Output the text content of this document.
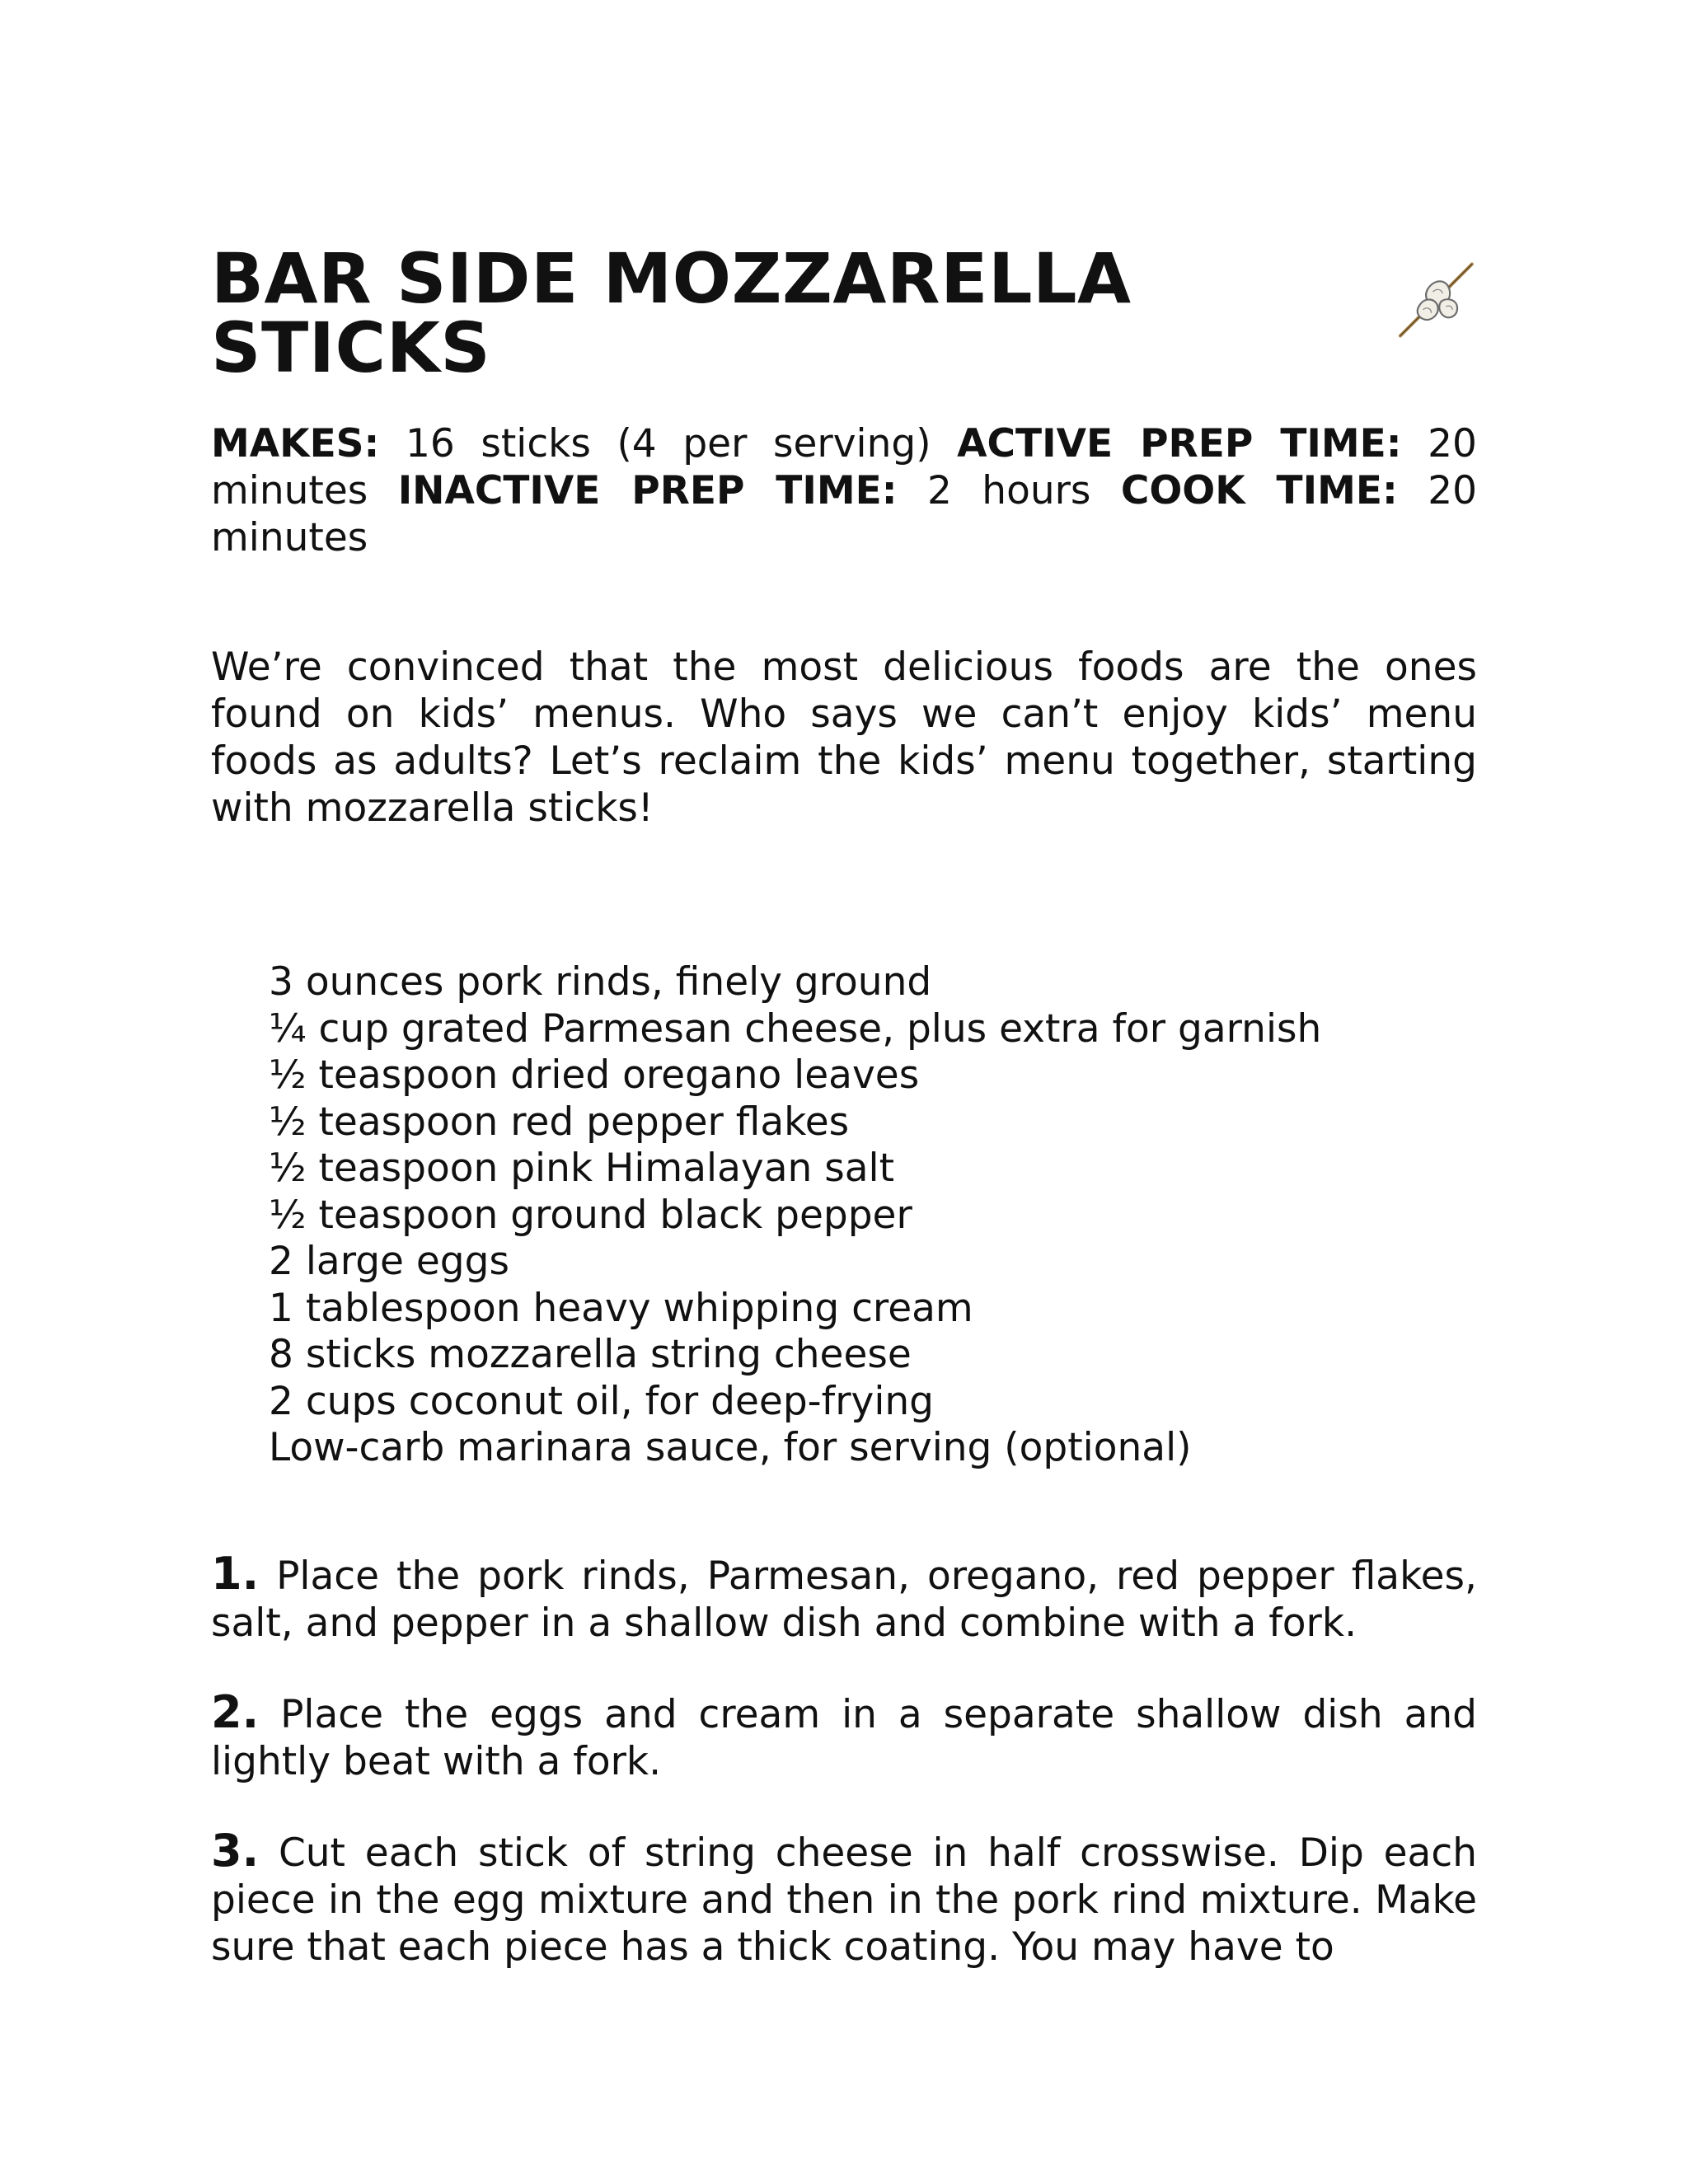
BAR SIDE MOZZARELLA STICKS

MAKES: 16 sticks (4 per serving) ACTIVE PREP TIME: 20 minutes INACTIVE PREP TIME: 2 hours COOK TIME: 20 minutes

We’re convinced that the most delicious foods are the ones found on kids’ menus. Who says we can’t enjoy kids’ menu foods as adults? Let’s reclaim the kids’ menu together, starting with mozzarella sticks!

3 ounces pork rinds, finely ground
¼ cup grated Parmesan cheese, plus extra for garnish
½ teaspoon dried oregano leaves
½ teaspoon red pepper flakes
½ teaspoon pink Himalayan salt
½ teaspoon ground black pepper
2 large eggs
1 tablespoon heavy whipping cream
8 sticks mozzarella string cheese
2 cups coconut oil, for deep-frying
Low-carb marinara sauce, for serving (optional)

1. Place the pork rinds, Parmesan, oregano, red pepper flakes, salt, and pepper in a shallow dish and combine with a fork.

2. Place the eggs and cream in a separate shallow dish and lightly beat with a fork.

3. Cut each stick of string cheese in half crosswise. Dip each piece in the egg mixture and then in the pork rind mixture. Make sure that each piece has a thick coating. You may have to
